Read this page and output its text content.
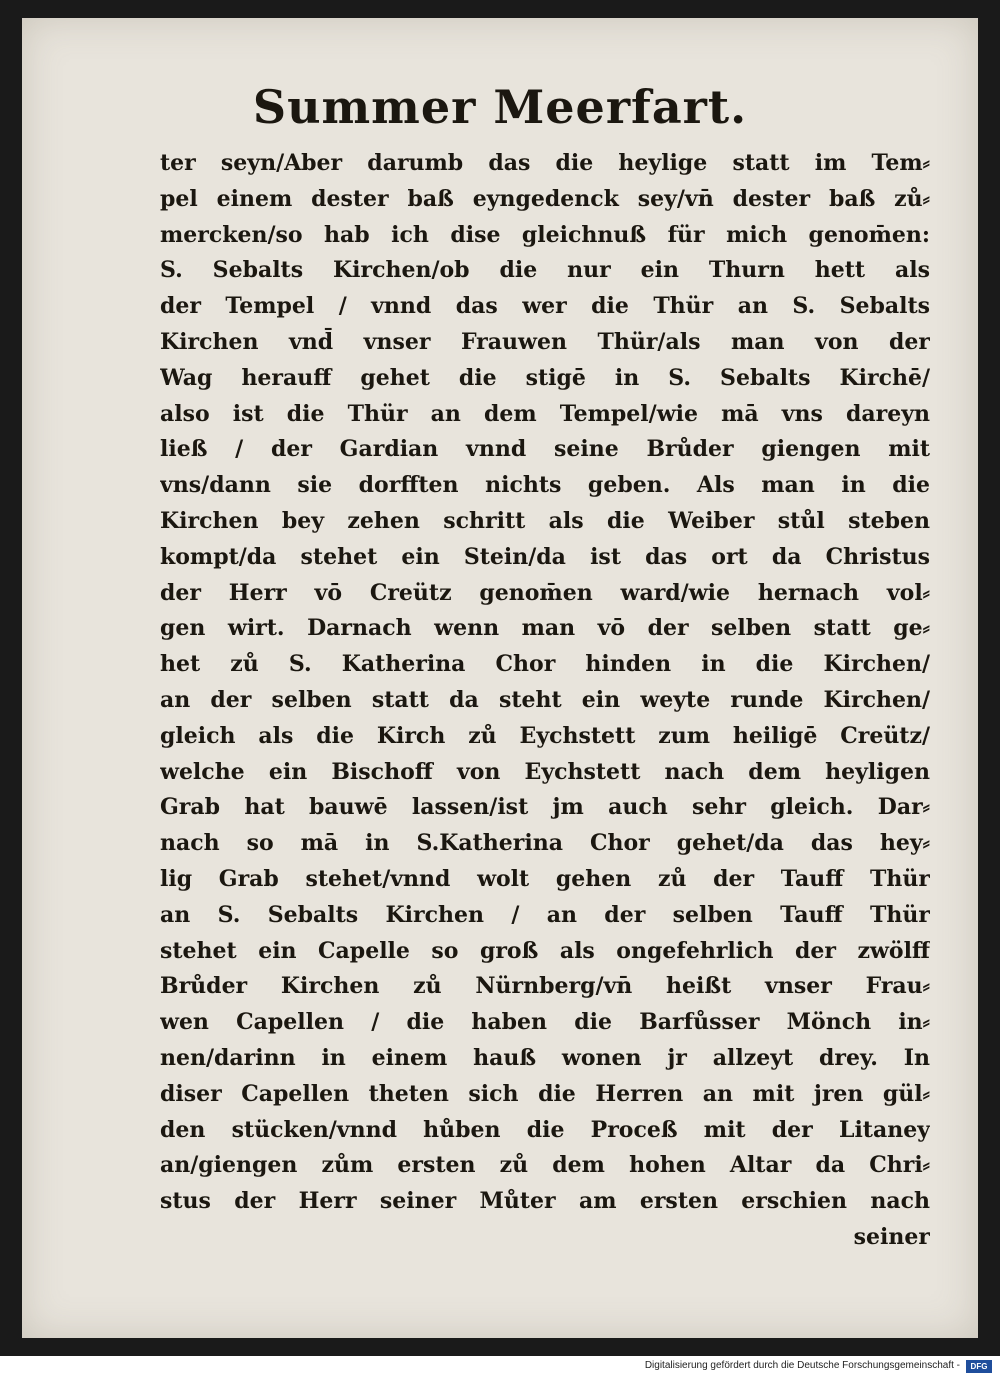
Summer Meerfart.
ter seyn/Aber darumb das die heylige statt im Tem⸗
pel einem dester baß eyngedenck sey/vn̄ dester baß zů⸗
mercken/so hab ich dise gleichnuß für mich genom̄en:
S. Sebalts Kirchen/ob die nur ein Thurn hett als
der Tempel / vnnd das wer die Thür an S. Sebalts
Kirchen vnd̄ vnser Frauwen Thür/als man von der
Wag herauff gehet die stigē in S. Sebalts Kirchē/
also ist die Thür an dem Tempel/wie mā vns dareyn
ließ / der Gardian vnnd seine Brůder giengen mit
vns/dann sie dorfften nichts geben. Als man in die
Kirchen bey zehen schritt als die Weiber stůl steben
kompt/da stehet ein Stein/da ist das ort da Christus
der Herr vō Creütz genom̄en ward/wie hernach vol⸗
gen wirt. Darnach wenn man vō der selben statt ge⸗
het zů S. Katherina Chor hinden in die Kirchen/
an der selben statt da steht ein weyte runde Kirchen/
gleich als die Kirch zů Eychstett zum heiligē Creütz/
welche ein Bischoff von Eychstett nach dem heyligen
Grab hat bauwē lassen/ist jm auch sehr gleich. Dar⸗
nach so mā in S.Katherina Chor gehet/da das hey⸗
lig Grab stehet/vnnd wolt gehen zů der Tauff Thür
an S. Sebalts Kirchen / an der selben Tauff Thür
stehet ein Capelle so groß als ongefehrlich der zwölff
Brůder Kirchen zů Nürnberg/vn̄ heißt vnser Frau⸗
wen Capellen / die haben die Barfůsser Mönch in⸗
nen/darinn in einem hauß wonen jr allzeyt drey. In
diser Capellen theten sich die Herren an mit jren gül⸗
den stücken/vnnd hůben die Proceß mit der Litaney
an/giengen zům ersten zů dem hohen Altar da Chri⸗
stus der Herr seiner Můter am ersten erschien nach
seiner
Digitalisierung gefördert durch die Deutsche Forschungsgemeinschaft -	DFG
